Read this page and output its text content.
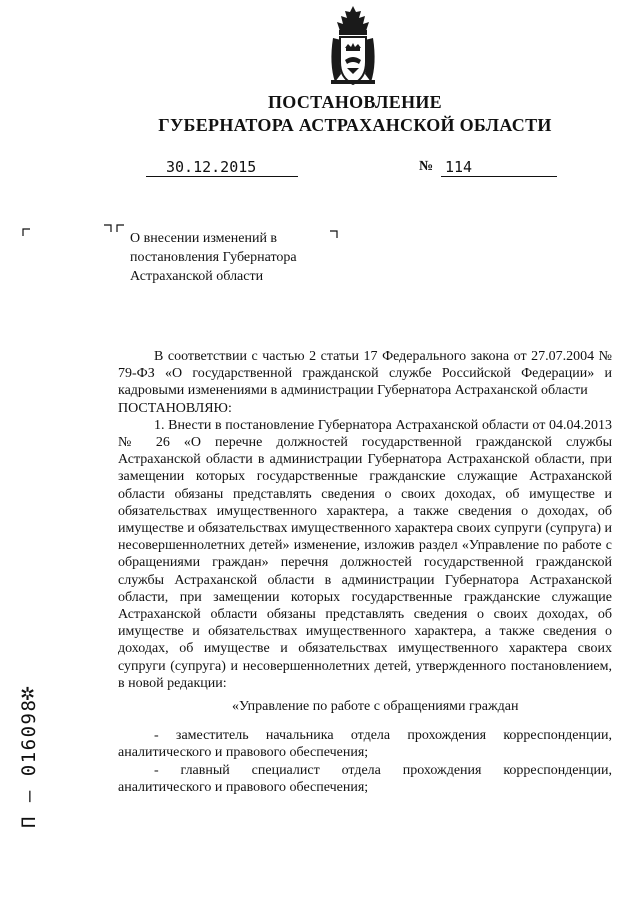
ПОСТАНОВЛЕНИЕ
ГУБЕРНАТОРА АСТРАХАНСКОЙ ОБЛАСТИ
30.12.2015	№ 114
О внесении изменений в постановления Губернатора Астраханской области

В соответствии с частью 2 статьи 17 Федерального закона от 27.07.2004 № 79-ФЗ «О государственной гражданской службе Российской Федерации» и кадровыми изменениями в администрации Губернатора Астраханской области

ПОСТАНОВЛЯЮ:

1. Внести в постановление Губернатора Астраханской области от 04.04.2013 № 26 «О перечне должностей государственной гражданской службы Астраханской области в администрации Губернатора Астраханской области, при замещении которых государственные гражданские служащие Астраханской области обязаны представлять сведения о своих доходах, об имуществе и обязательствах имущественного характера, а также сведения о доходах, об имуществе и обязательствах имущественного характера своих супруги (супруга) и несовершеннолетних детей» изменение, изложив раздел «Управление по работе с обращениями граждан» перечня должностей государственной гражданской службы Астраханской области в администрации Губернатора Астраханской области, при замещении которых государственные гражданские служащие Астраханской области обязаны представлять сведения о своих доходах, об имуществе и обязательствах имущественного характера, а также сведения о доходах, об имуществе и обязательствах имущественного характера своих супруги (супруга) и несовершеннолетних детей, утвержденного постановлением, в новой редакции:

«Управление по работе с обращениями граждан

- заместитель начальника отдела прохождения корреспонденции, аналитического и правового обеспечения;

- главный специалист отдела прохождения корреспонденции, аналитического и правового обеспечения;

✲
П — 016098
